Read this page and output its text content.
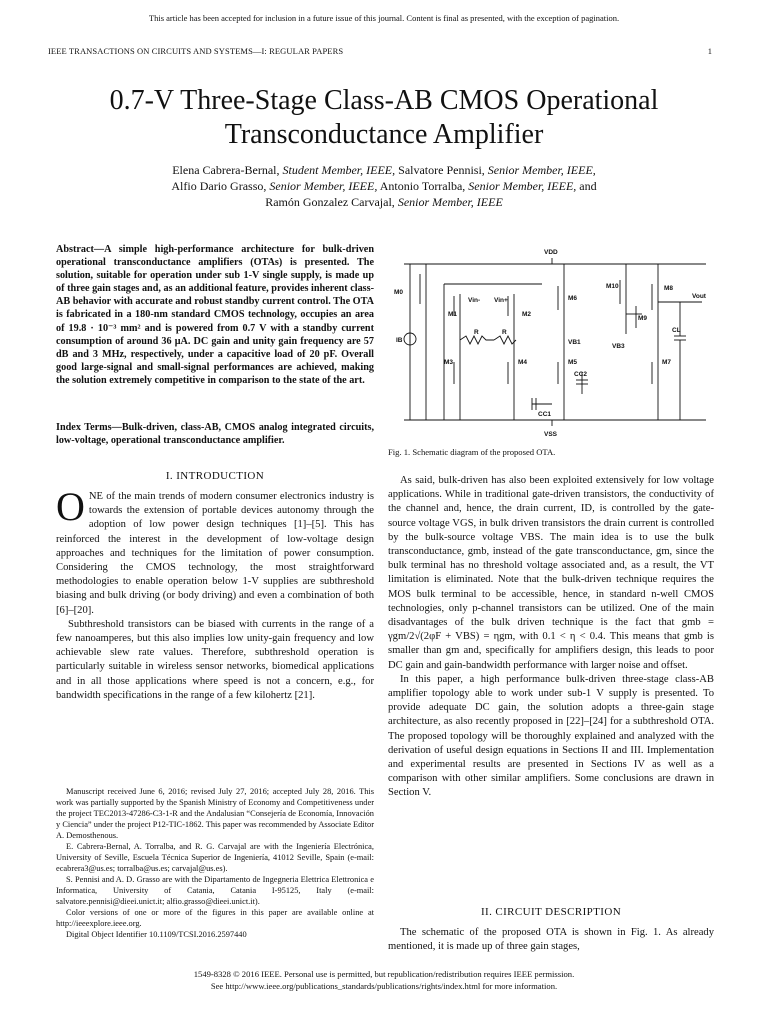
This article has been accepted for inclusion in a future issue of this journal. Content is final as presented, with the exception of pagination.
IEEE TRANSACTIONS ON CIRCUITS AND SYSTEMS—I: REGULAR PAPERS	1
0.7-V Three-Stage Class-AB CMOS Operational
Transconductance Amplifier
Elena Cabrera-Bernal, Student Member, IEEE, Salvatore Pennisi, Senior Member, IEEE,
Alfio Dario Grasso, Senior Member, IEEE, Antonio Torralba, Senior Member, IEEE, and
Ramón Gonzalez Carvajal, Senior Member, IEEE
Abstract—A simple high-performance architecture for bulk-driven operational transconductance amplifiers (OTAs) is presented. The solution, suitable for operation under sub 1-V single supply, is made up of three gain stages and, as an additional feature, provides inherent class-AB behavior with accurate and robust standby current control. The OTA is fabricated in a 180-nm standard CMOS technology, occupies an area of 19.8 · 10⁻³ mm² and is powered from 0.7 V with a standby current consumption of around 36 μA. DC gain and unity gain frequency are 57 dB and 3 MHz, respectively, under a capacitive load of 20 pF. Overall good large-signal and small-signal performances are achieved, making the solution extremely competitive in comparison to the state of the art.
Index Terms—Bulk-driven, class-AB, CMOS analog integrated circuits, low-voltage, operational transconductance amplifier.
I. INTRODUCTION

ONE of the main trends of modern consumer electronics industry is towards the extension of portable devices autonomy through the adoption of low power design techniques [1]–[5]. This has reinforced the interest in the development of low-voltage design approaches and techniques for the limitation of power consumption. Considering the CMOS technology, the most straightforward methodologies to enable operation below 1-V supplies are subthreshold biasing and bulk driving (or body driving) and even a combination of both [6]–[20].

Subthreshold transistors can be biased with currents in the range of a few nanoamperes, but this also implies low unity-gain frequency and low achievable slew rate values. Therefore, subthreshold operation is particularly suitable in wireless sensor networks, biomedical applications and in all those applications where speed is not a concern, e.g., for bandwidth specifications in the range of a few kilohertz [21].

Manuscript received June 6, 2016; revised July 27, 2016; accepted July 28, 2016. This work was partially supported by the Spanish Ministry of Economy and Competitiveness under the project TEC2013-47286-C3-1-R and the Andalusian “Consejería de Economía, Innovación y Ciencia” under the project P12-TIC-1862. This paper was recommended by Associate Editor A. Demosthenous.

E. Cabrera-Bernal, A. Torralba, and R. G. Carvajal are with the Ingeniería Electrónica, University of Seville, Escuela Técnica Superior de Ingeniería, 41012 Seville, Spain (e-mail: ecabrera3@us.es; torralba@us.es; carvajal@us.es).

S. Pennisi and A. D. Grasso are with the Dipartamento de Ingegneria Elettrica Elettronica e Informatica, University of Catania, Catania I-95125, Italy (e-mail: salvatore.pennisi@dieei.unict.it; alfio.grasso@dieei.unict.it).

Color versions of one or more of the figures in this paper are available online at http://ieeexplore.ieee.org.

Digital Object Identifier 10.1109/TCSI.2016.2597440

VDD
VSS
Vin- Vin+
Vout
VB1
VB3
IB
M0
M1	M2
M3	M4	M5
M6
M7
M8
M9
M10
R	R
CC1
CC2
CL
Fig. 1. Schematic diagram of the proposed OTA.

As said, bulk-driven has also been exploited extensively for low voltage applications. While in traditional gate-driven transistors, the conductivity of the channel and, hence, the drain current, ID, is controlled by the gate-source voltage VGS, in bulk driven transistors the drain current is controlled by the bulk-source voltage VBS. The main idea is to use the bulk transconductance, gmb, instead of the gate transconductance, gm, since the bulk terminal has no threshold voltage associated and, as a result, the VT limitation is eliminated. Note that the bulk-driven technique requires the MOS bulk terminal to be accessible, hence, in standard n-well CMOS technologies, only p-channel transistors can be utilized. One of the main disadvantages of the bulk driven technique is the fact that gmb = γgm/2√(2φF + VBS) = ηgm, with 0.1 < η < 0.4. This means that gmb is smaller than gm and, specifically for amplifiers design, this leads to poor DC gain and gain-bandwidth performance with larger noise and offset.

In this paper, a high performance bulk-driven three-stage class-AB amplifier topology able to work under sub-1 V supply is presented. To provide adequate DC gain, the solution adopts a three-gain stage architecture, as also recently proposed in [22]–[24] for a subthreshold OTA. The proposed topology will be thoroughly explained and analyzed with the derivation of useful design equations in Sections II and III. Implementation and experimental results are presented in Sections IV as well as a comparison with other similar amplifiers. Some conclusions are drawn in Section V.

II. CIRCUIT DESCRIPTION

The schematic of the proposed OTA is shown in Fig. 1. As already mentioned, it is made up of three gain stages,

1549-8328 © 2016 IEEE. Personal use is permitted, but republication/redistribution requires IEEE permission.
See http://www.ieee.org/publications_standards/publications/rights/index.html for more information.
